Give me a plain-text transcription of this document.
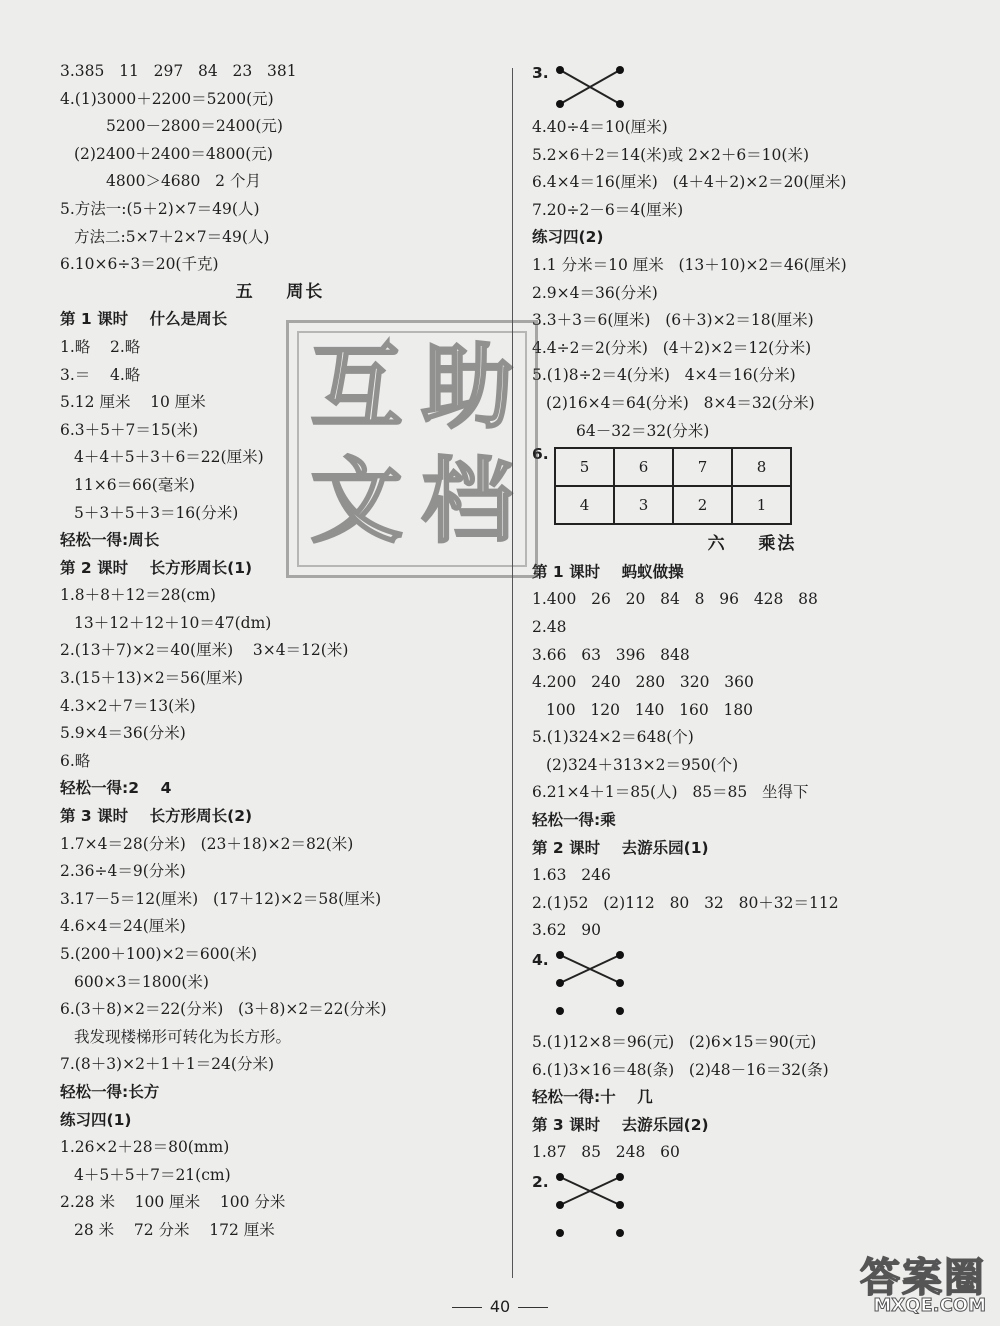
3.385   11   297   84   23   381
4.(1)3000＋2200＝5200(元)
5200－2800＝2400(元)
(2)2400＋2400＝4800(元)
4800＞4680   2 个月
5.方法一:(5＋2)×7＝49(人)
方法二:5×7＋2×7＝49(人)
6.10×6÷3＝20(千克)
五    周长
第 1 课时    什么是周长
1.略    2.略
3.＝    4.略
5.12 厘米    10 厘米
6.3＋5＋7＝15(米)
4＋4＋5＋3＋6＝22(厘米)
11×6＝66(毫米)
5＋3＋5＋3＝16(分米)
轻松一得:周长
第 2 课时    长方形周长(1)
1.8＋8＋12＝28(cm)
13＋12＋12＋10＝47(dm)
2.(13＋7)×2＝40(厘米)    3×4＝12(米)
3.(15＋13)×2＝56(厘米)
4.3×2＋7＝13(米)
5.9×4＝36(分米)
6.略
轻松一得:2    4
第 3 课时    长方形周长(2)
1.7×4＝28(分米)   (23＋18)×2＝82(米)
2.36÷4＝9(分米)
3.17－5＝12(厘米)   (17＋12)×2＝58(厘米)
4.6×4＝24(厘米)
5.(200＋100)×2＝600(米)
600×3＝1800(米)
6.(3＋8)×2＝22(分米)   (3＋8)×2＝22(分米)
我发现楼梯形可转化为长方形。
7.(8＋3)×2＋1＋1＝24(分米)
轻松一得:长方
练习四(1)
1.26×2＋28＝80(mm)
4＋5＋5＋7＝21(cm)
2.28 米    100 厘米    100 分米
28 米    72 分米    172 厘米
3.
4.40÷4＝10(厘米)
5.2×6＋2＝14(米)或 2×2＋6＝10(米)
6.4×4＝16(厘米)   (4＋4＋2)×2＝20(厘米)
7.20÷2－6＝4(厘米)
练习四(2)
1.1 分米＝10 厘米   (13＋10)×2＝46(厘米)
2.9×4＝36(分米)
3.3＋3＝6(厘米)   (6＋3)×2＝18(厘米)
4.4÷2＝2(分米)   (4＋2)×2＝12(分米)
5.(1)8÷2＝4(分米)   4×4＝16(分米)
(2)16×4＝64(分米)   8×4＝32(分米)
64－32＝32(分米)
6.
5	6	7	8
4	3	2	1
六    乘法
第 1 课时    蚂蚁做操
1.400   26   20   84   8   96   428   88
2.48
3.66   63   396   848
4.200   240   280   320   360
100   120   140   160   180
5.(1)324×2＝648(个)
(2)324＋313×2＝950(个)
6.21×4＋1＝85(人)   85＝85   坐得下
轻松一得:乘
第 2 课时    去游乐园(1)
1.63   246
2.(1)52   (2)112   80   32   80＋32＝112
3.62   90
4.
5.(1)12×8＝96(元)   (2)6×15＝90(元)
6.(1)3×16＝48(条)   (2)48－16＝32(条)
轻松一得:十    几
第 3 课时    去游乐园(2)
1.87   85   248   60
2.
互 助
文 档
40
答案圈
MXQE.COM
